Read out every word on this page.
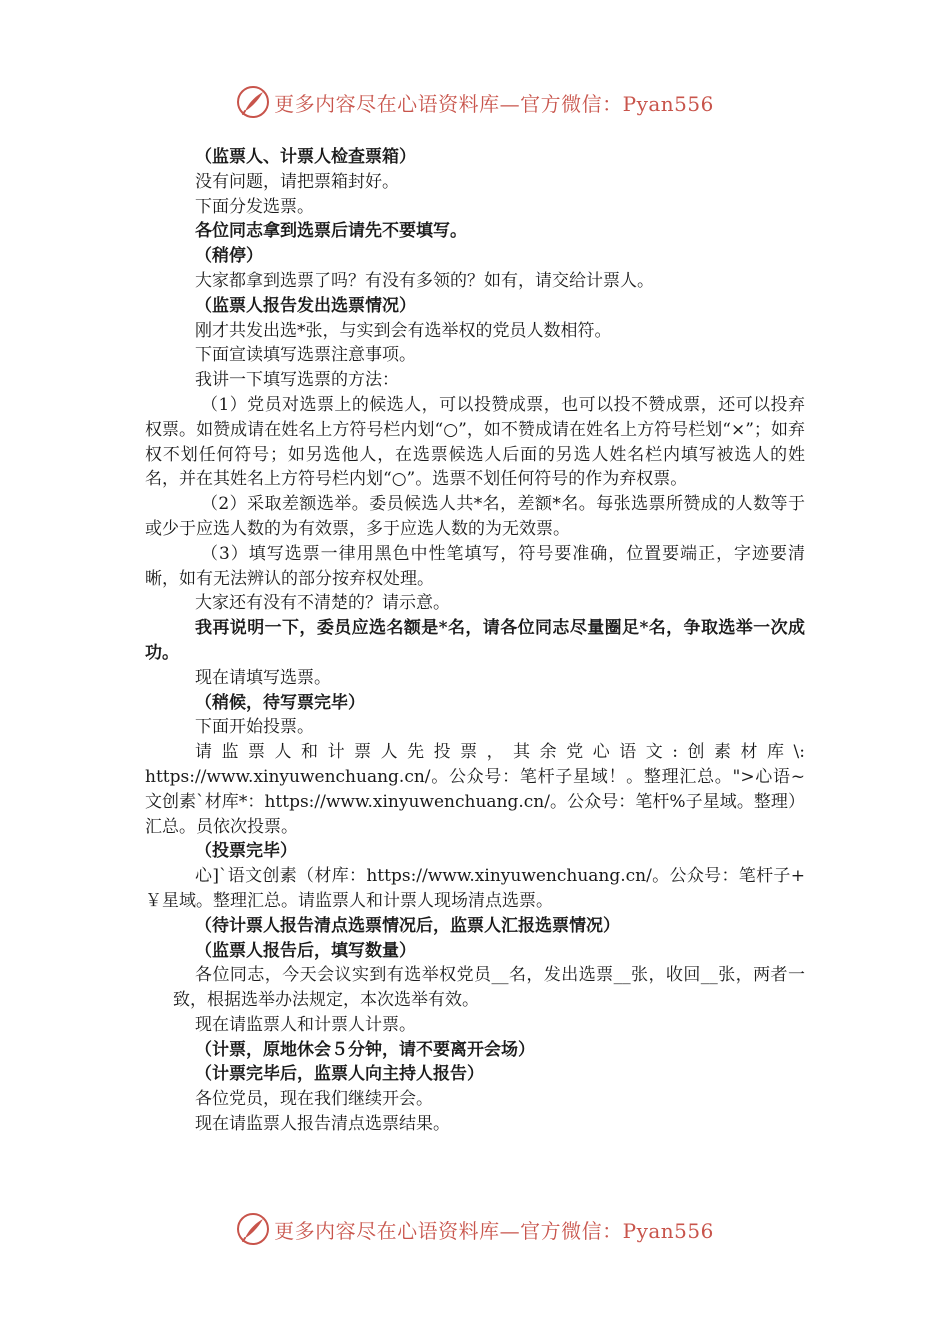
更多内容尽在心语资料库—官方微信：Pyan556

（监票人、计票人检查票箱）

没有问题，请把票箱封好。

下面分发选票。

各位同志拿到选票后请先不要填写。

（稍停）

大家都拿到选票了吗？有没有多领的？如有，请交给计票人。

（监票人报告发出选票情况）

刚才共发出选*张，与实到会有选举权的党员人数相符。

下面宣读填写选票注意事项。

我讲一下填写选票的方法：

（1）党员对选票上的候选人，可以投赞成票，也可以投不赞成票，还可以投弃权票。如赞成请在姓名上方符号栏内划“○”，如不赞成请在姓名上方符号栏划“×”；如弃权不划任何符号；如另选他人，在选票候选人后面的另选人姓名栏内填写被选人的姓名，并在其姓名上方符号栏内划“○”。选票不划任何符号的作为弃权票。

（2）采取差额选举。委员候选人共*名，差额*名。每张选票所赞成的人数等于或少于应选人数的为有效票，多于应选人数的为无效票。

（3）填写选票一律用黑色中性笔填写，符号要准确，位置要端正，字迹要清晰，如有无法辨认的部分按弃权处理。

大家还有没有不清楚的？请示意。

我再说明一下，委员应选名额是*名，请各位同志尽量圈足*名，争取选举一次成功。

现在请填写选票。

（稍候，待写票完毕）

下面开始投票。

请监票人和计票人先投票，其余党心语文:创素材库\: https://www.xinyuwenchuang.cn/。公众号：笔杆子星域！。整理汇总。">心语~文创素`材库*：https://www.xinyuwenchuang.cn/。公众号：笔杆%子星域。整理）汇总。员依次投票。

（投票完毕）

心]`语文创素（材库：https://www.xinyuwenchuang.cn/。公众号：笔杆子+￥星域。整理汇总。请监票人和计票人现场清点选票。

（待计票人报告清点选票情况后，监票人汇报选票情况）

（监票人报告后，填写数量）

各位同志，今天会议实到有选举权党员__名，发出选票__张，收回__张，两者一致，根据选举办法规定，本次选举有效。

现在请监票人和计票人计票。

（计票，原地休会５分钟，请不要离开会场）

（计票完毕后，监票人向主持人报告）

各位党员，现在我们继续开会。

现在请监票人报告清点选票结果。

更多内容尽在心语资料库—官方微信：Pyan556
